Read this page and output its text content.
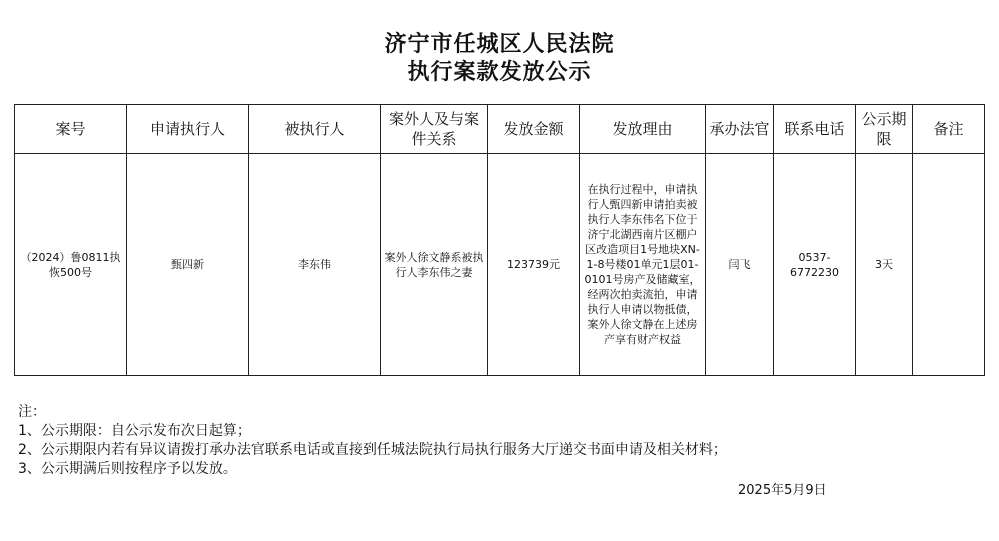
济宁市任城区人民法院
执行案款发放公示
案号	申请执行人	被执行人	案外人及与案件关系	发放金额	发放理由	承办法官	联系电话	公示期限	备注
（2024）鲁0811执恢500号	甄四新	李东伟	案外人徐文静系被执行人李东伟之妻	123739元	在执行过程中，申请执行人甄四新申请拍卖被执行人李东伟名下位于济宁北湖西南片区棚户区改造项目1号地块XN-1-8号楼01单元1层01-0101号房产及储藏室，经两次拍卖流拍，申请执行人申请以物抵债，案外人徐文静在上述房产享有财产权益	闫飞	0537-6772230	3天	
注：
1、公示期限：自公示发布次日起算；
2、公示期限内若有异议请拨打承办法官联系电话或直接到任城法院执行局执行服务大厅递交书面申请及相关材料；
3、公示期满后则按程序予以发放。
2025年5月9日
